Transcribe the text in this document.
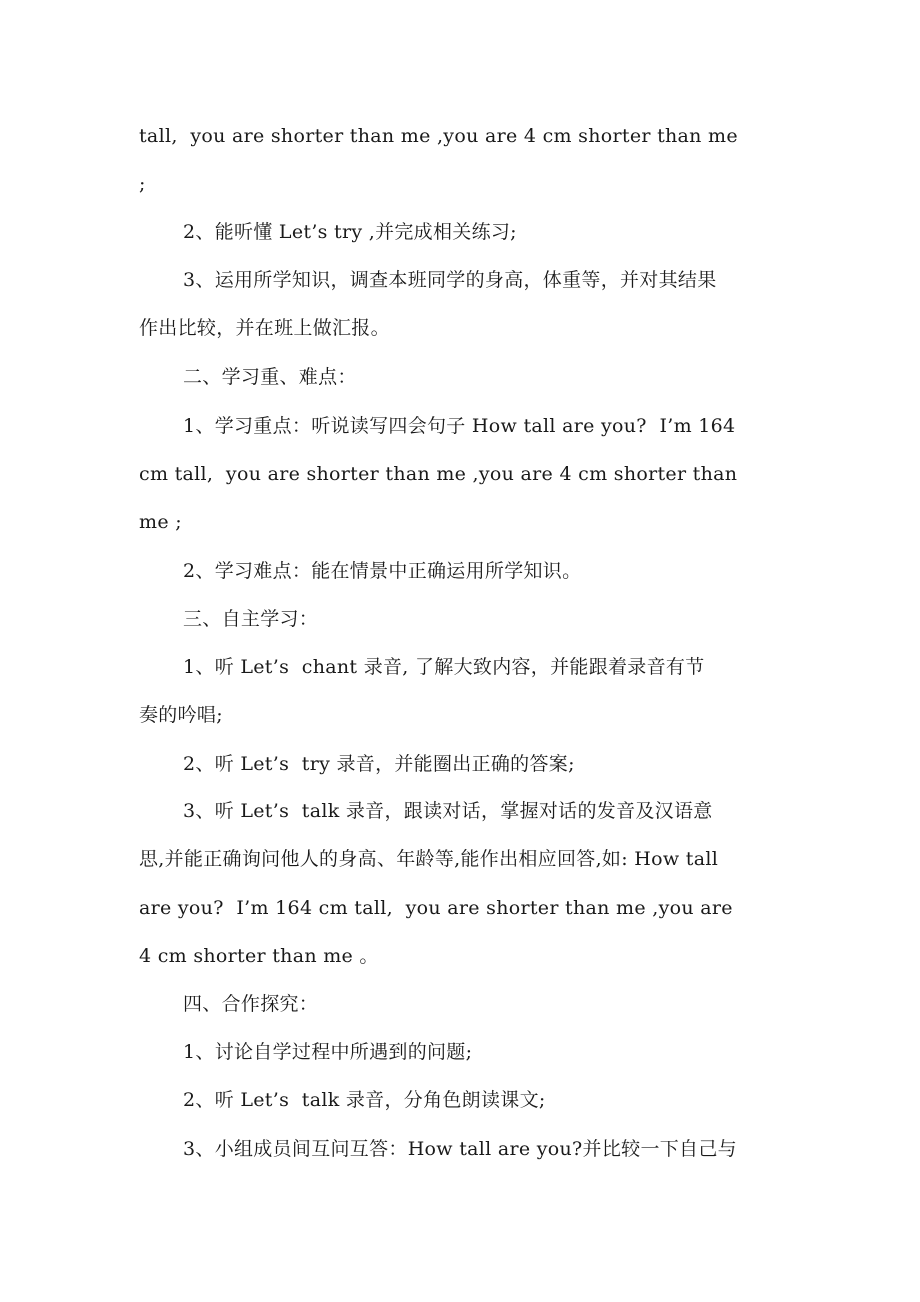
tall,  you are shorter than me ,you are 4 cm shorter than me
;
2、能听懂 Let’s try ,并完成相关练习;
3、运用所学知识，调查本班同学的身高，体重等，并对其结果
作出比较，并在班上做汇报。
二、学习重、难点：
1、学习重点：听说读写四会句子 How tall are you?  I’m 164
cm tall,  you are shorter than me ,you are 4 cm shorter than
me ;
2、学习难点：能在情景中正确运用所学知识。
三、自主学习：
1、听 Let’s  chant 录音, 了解大致内容，并能跟着录音有节
奏的吟唱;
2、听 Let’s  try 录音，并能圈出正确的答案;
3、听 Let’s  talk 录音，跟读对话，掌握对话的发音及汉语意
思,并能正确询问他人的身高、年龄等,能作出相应回答,如: How tall
are you?  I’m 164 cm tall,  you are shorter than me ,you are
4 cm shorter than me 。
四、合作探究：
1、讨论自学过程中所遇到的问题;
2、听 Let’s  talk 录音，分角色朗读课文;
3、小组成员间互问互答：How tall are you?并比较一下自己与
